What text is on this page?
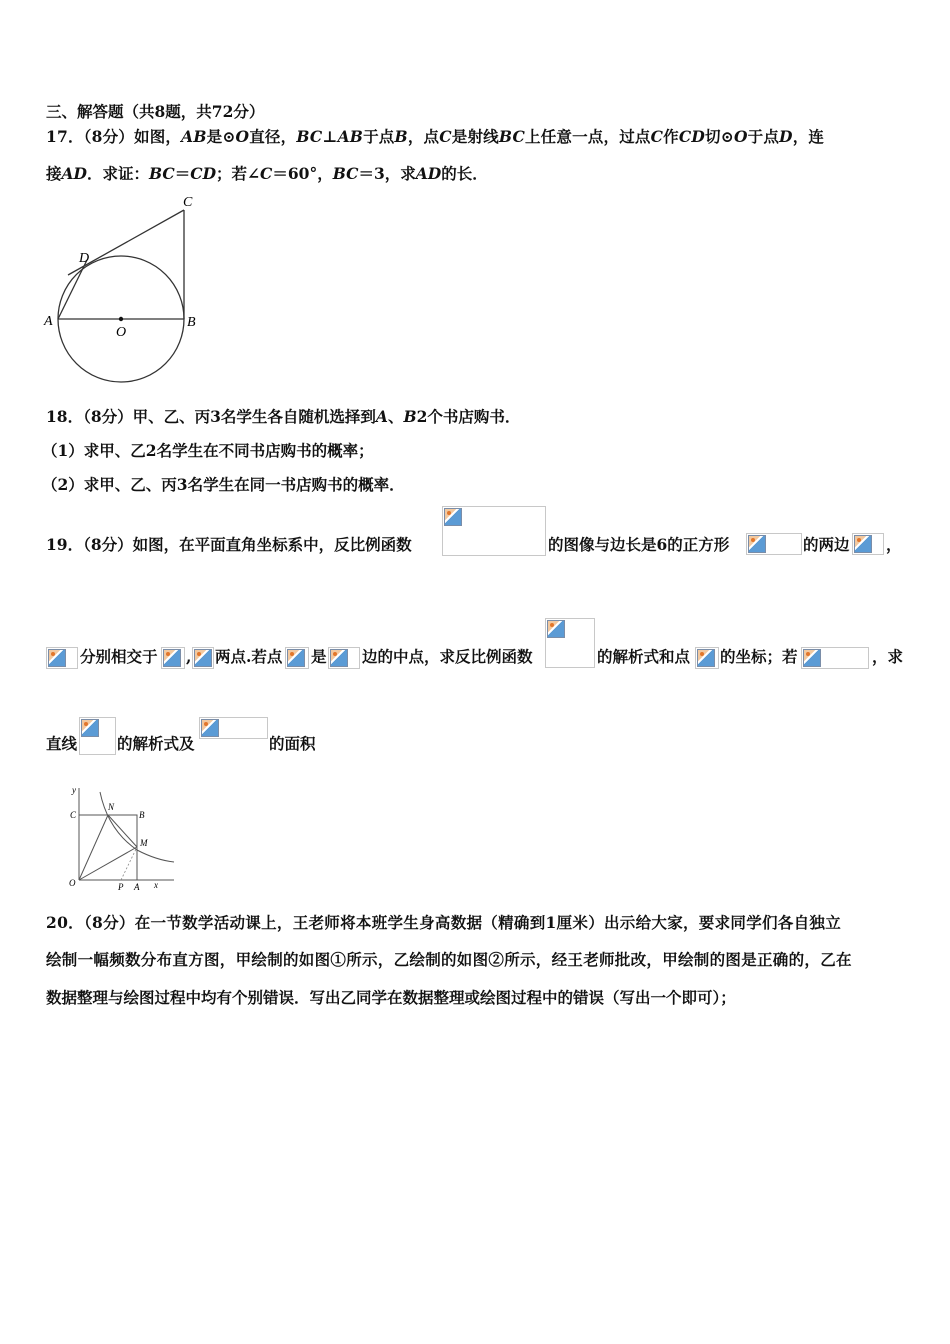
三、解答题（共8题，共72分）
17．（8分）如图，AB是⊙O直径，BC⊥AB于点B，点C是射线BC上任意一点，过点C作CD切⊙O于点D，连
接AD．求证：BC＝CD；若∠C＝60°，BC＝3，求AD的长．
C
D
A
O
B
18．（8分）甲、乙、丙3名学生各自随机选择到A、B2个书店购书．
（1）求甲、乙2名学生在不同书店购书的概率；
（2）求甲、乙、丙3名学生在同一书店购书的概率．
19．（8分）如图，在平面直角坐标系中，反比例函数	的图像与边长是6的正方形	的两边 ，
分别相交于 , 两点.若点 是 边的中点，求反比例函数	的解析式和点 的坐标；若	，求
直线	的解析式及	的面积
y
C
N
B
M
O	P A x
20．（8分）在一节数学活动课上，王老师将本班学生身高数据（精确到1厘米）出示给大家，要求同学们各自独立
绘制一幅频数分布直方图，甲绘制的如图①所示，乙绘制的如图②所示，经王老师批改，甲绘制的图是正确的，乙在
数据整理与绘图过程中均有个别错误．写出乙同学在数据整理或绘图过程中的错误（写出一个即可）；
